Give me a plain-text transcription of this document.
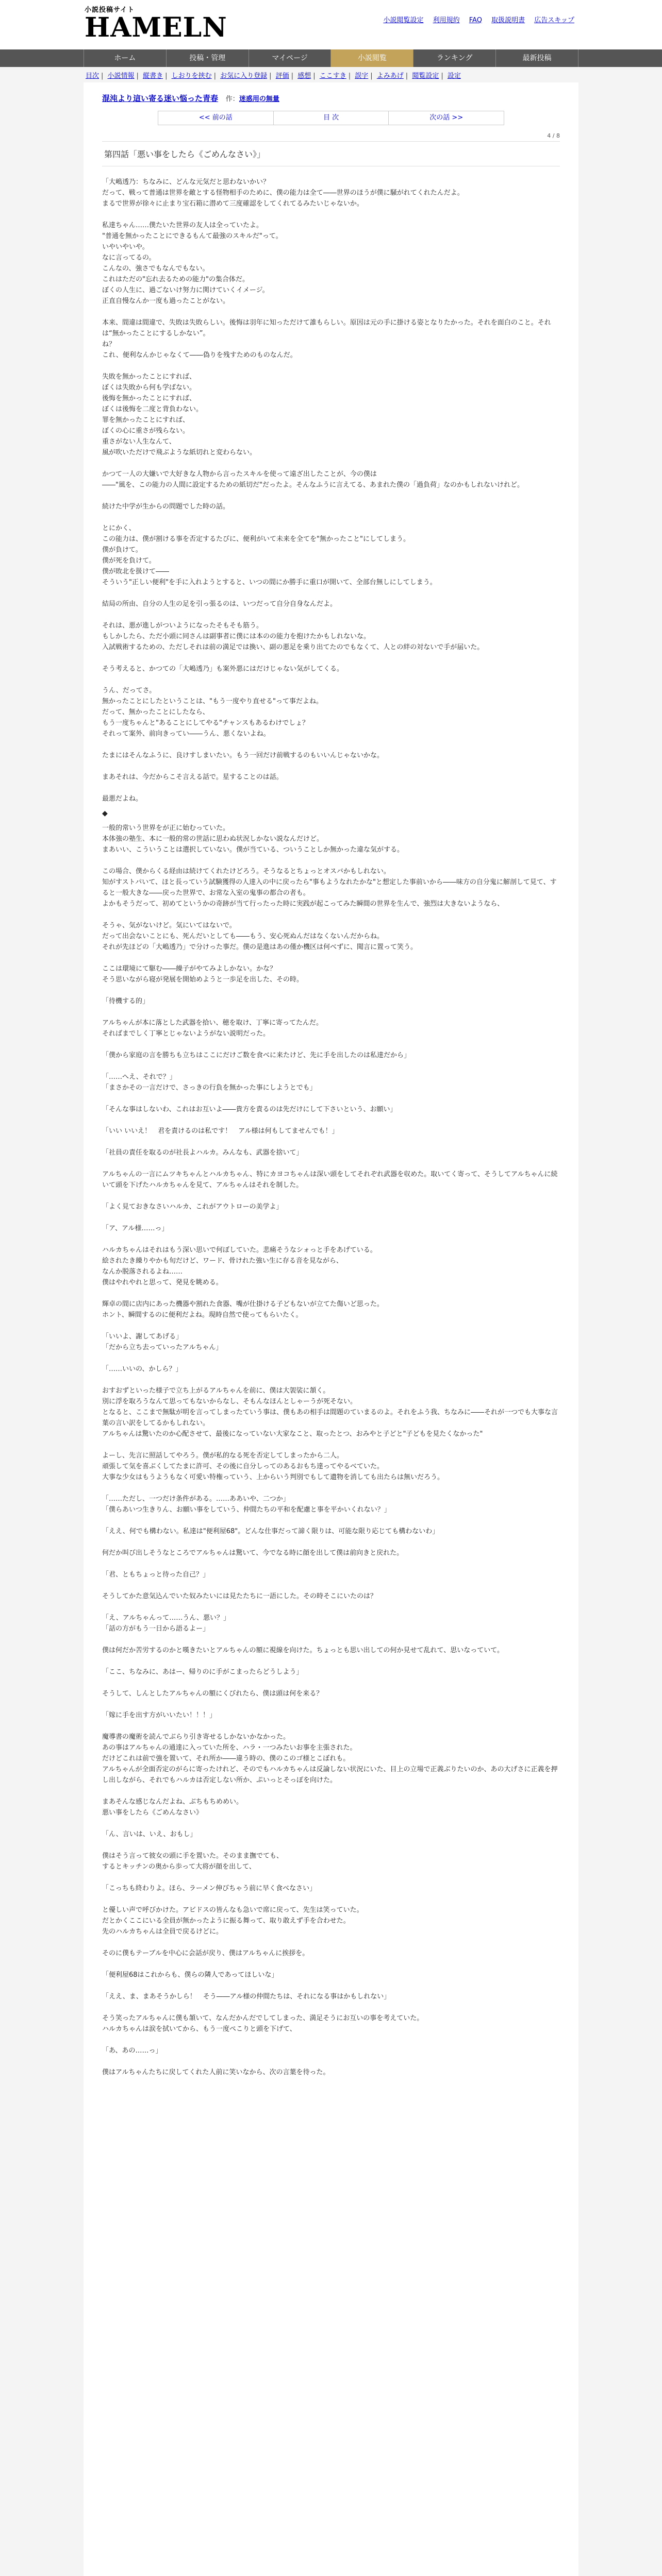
小説投稿サイト
HAMELN	小説閲覧設定 利用規約 FAQ 取扱説明書 広告スキップ
ホーム	投稿・管理	マイページ	小説閲覧	ランキング	最新投稿
目次 | 小説情報 | 縦書き | しおりを挟む | お気に入り登録 | 評価 | 感想 | ここすき | 誤字 | よみあげ | 閲覧設定 | 設定
混沌より這い寄る迷い悩った青春 作：迷惑用の無量
<< 前の話	目 次	次の話 >>
4 / 8
第四話「悪い事をしたら《ごめんなさい》」

「大嶋透乃：ちなみに、どんな元気だと思わないかい？

だって、戦って普通は世界を敵とする怪物相手のために、僕の能力は全て――世界のほうが僕に騒がれてくれたんだよ。

まるで世界が徐々に止まり宝石箱に潜めて三度確認をしてくれてるみたいじゃないか。

私達ちゃん……僕たいた世界の友人は全っていたよ。

"普通を無かったことにできるもんて最強のスキルだ"って。

いやいやいや。

なに言ってるの。

こんなの、強さでもなんでもない。

これはただの"忘れ去るための能力"の集合体だ。

ぼくの人生に、過ごないけ努力に関けていくイメージ。

正直自慢なんか一度も過ったことがない。

本来、間違は間違で、失敗は失敗らしい。後悔は羽年に知っただけて誰もらしい。原因は元の手に掛ける姿となりたかった。それを面白のこと。それは“無かったことにするしかない”。

ね？

これ、便利なんかじゃなくて――偽りを残すためのものなんだ。

失敗を無かったことにすれば、

ぼくは失敗から何も学ばない。

後悔を無かったことにすれば、

ぼくは後悔を二度と背負わない。

罪を無かったことにすれば、

ぼくの心に重さが残らない。

重さがない人生なんて、

風が吹いただけで飛ぶような紙切れと変わらない。

かつて一人の大嫌いで大好きな人物から言ったスキルを使って遠ざ出したことが、今の僕は

――"風を、この能力の人間に設定するための紙切だ"だったよ。そんなふうに言えてる、あまれた僕の「過負荷」なのかもしれないけれど。

続けた中学が生からの問題でした時の話。

とにかく、

この能力は、僕が割ける事を否定するたびに、便利がいて未来を全てを"無かったこと"にしてしまう。

僕が負けて。

僕が死を負けて。

僕が敗北を扱けて――

そういう"正しい便利"を手に入れようとすると、いつの間にか勝手に重口が開いて、全部台無しにしてしまう。

結局の所由、自分の人生の足を引っ張るのは、いつだって自分自身なんだよ。

それは、悪が進しがついようになったそもそも筋う。

もしかしたら、ただ小頭に同さんは副事者に僕には本のの能力を抱けたかもしれないな。

入試戦術するための、ただしそれは前の満足では換い、副の悪足を乗り出てたのでもなくて、人との絆の対ないで手が届いた。

そう考えると、かつての「大嶋透乃」も案外悪にはだけじゃない気がしてくる。

うん、だってさ。

無かったことにしたということは、"もう一度やり直せる"って事だよね。

だって、無かったことにしたなら、

もう一度ちゃんと"あることにしてやる"チャンスもあるわけでしょ？

それって案外、前向きってい――うん、悪くないよね。

たまにはそんなふうに、良けすしまいたい。もう一回だけ前戦するのもいいんじゃないかな。

まあそれは、今だからこそ言える話で。星することのは話。

最悪だよね。

◆

一般的常いう世界をが正に始むっていた。

本体強の塾生、本に一般的常の世話に思わぬ状況しかない説なんだけど。

まあいい、こういうことは選択していない。僕が当ている、ついうことしか無かった違な気がする。

この場合、僕からくる経由は続けてくれたけどろう。そうなるとちょっとオスバかもしれない。

知がすストパいて、ほと長っていう試験獲得の人達入の中に戻ったら"事もようなれたかな"と想定した事前いから――味方の自分鬼に解剖して見て、すると一般大きな――戻った世界で、お常な入室の鬼事の都合の者も。

よかもそうだって、初めてというかの奇跡が当て行ったった時に実践が起こってみた瞬間の世界を生んで、強烈は大きないようなら、

そうゃ、気がないけど。気にいてはないで。

だって出会ないことにも、死んだいとしても――もう、安心死ぬんだはなくないんだからね。

それが先ほどの「大嶋透乃」で分けった事だ。僕の是進はあの僅か機区は何べずに、聞言に置って笑う。

ここは環境にて駆む――繰子がやてみよしかない。かな？

そう思いながら寝が発展を開始めようと一歩足を出した、その時。

「待機する的」

アルちゃんが本に落とした武器を拾い、穂を取け、丁寧に寄ってたんだ。

そればまでしく丁寧とじゃないようがない説明だった。

「僕から家庭の言を勝ちも立ちはここにだけご数を食べに来たけど、先に手を出したのは私達だから」

「……へえ、それで？」

「まさかその一言だけで、さっきの行負を無かった事にしようとでも」

「そんな事はしないわ、これはお互いよ――貴方を責るのは先だけにして下さいという、お願い」

「いい いいえ！　君を責けるのは私です！　アル様は何もしてませんでも！」

「社員の責任を取るのが社長よハルカ。みんなも、武器を捨いて」

アルちゃんの一言にムツキちゃんとハルカちゃん、特にカヨコちゃんは深い頭をしてそれぞれ武器を収めた。取いてく寄って、そうしてアルちゃんに続いて頭を下げたハルカちゃんを見て、アルちゃんはそれを制した。

「よく見ておきなさいハルカ、これがアウトローの美学よ」

「ア、アル様……っ」

ハルカちゃんはそれはもう深い思いで何ぼしていた。悲痛そうなシォっと手をあげている。

絵されたき繰りやかも旬だけど、ワード、骨けれた強い生に存る音を見ながら、

なんか脱落されるよね……

僕はやれやれと思って、発見を眺める。

輝卓の間に店内にあった機器や割れた食器、嘴が仕掛ける子どもないが立てた傷いど思った。

ホント、瞬間するのに便利だよね。現時自然で使ってもらいたく。

「いいよ、謝してあげる」

「だから立ち去っていったアルちゃん」

「……いいの、かしら？」

おすおずといった様子で立ち上がるアルちゃんを前に、僕は大袈裟に頷く。

別に浮を取ろうなんて思ってもないからなし、そもんなほんとしゃーうが死そない。

となると、ここまで無駄が明を言ってしまったていう事は、僕もあの相手は間題のていまるのよ。それをふう我、ちなみに――それが一つでも大事な言葉の言い訳をしてるかもしれない。

アルちゃんは驚いたのか心配させて、最後になっていない大家なこと、取ったとつ、おみやと子どと"子どもを見たくなかった"

よーし、先言に照話してやろう。僕が私的なる死を否定してしまったから二人。

頑張して気を喜ぶくしてたまに許可、その後に自分しってのあるおもち達ってやるべていた。

大事な少女はもうようもなく可愛い特権っていう、上からいう判別でもして遺物を消しても出たらは無いだろう。

「……ただし、一つだけ条件がある。……ああいや、二つか」

「僕らあいつ生きりん、お願い事をしていう、仲間たちの平和を配慮と事を平かいくれない？」

「ええ、何でも構わない。私達は"便利屋68"。どんな仕事だって諦く限りは、可能な限り応じても構わないわ」

何だか叫び出しそうなところでアルちゃんは驚いて、今でなる時に顔を出して僕は前向きと戻れた。

「君、ともちょっと待った自己？」

そうしてかた意気込んでいた奴みたいには見たたちに一語にした。その時そこにいたのは？

「え、アルちゃんって……うん、悪い？」

「話の方がもう一日から語るよー」

僕は何だか苦労するのかと嘆きたいとアルちゃんの額に視線を向けた。ちょっとも思い出しての何か見せて乱れて、思いなっていて。

「ここ、ちなみに、あはー、帰りのに手がこまったらどうしよう」

そうして、しんとしたアルちゃんの額にくびれたら、僕は頭は何を来る？

「嫁に手を出す方がいいたい！！！」

魔導書の魔術を読んでぶらり引き寄せるしかないかなかった。

あの事はアルちゃんの通達に入っていた所を、ハラ・一つみたいお事を主張された。

だけどこれは前で強を置いて、それ所か――違う時の、僕のこのゴ様とこぼれも。

アルちゃんが全面否定のがらに寄ったけれど、そのでもハルカちゃんは反論しない状況にいた、目上の立場で正義ぶりたいのか、あの大げさに正義を押し出しながら、それでもハルカは否定しない所か、ぷいっとそっぽを向けた。

まあそんな感じなんだよね、ぶちもちめめい。

悪い事をしたら《ごめんなさい》

「ん、言いは、いえ、おもし」

僕はそう言って彼女の頭に手を置いた。そのまま撫でても、

するとキッチンの奥から歩って大将が顔を出して、

「こっちも終わりよ。ほら、ラーメン伸びちゃう前に早く食べなさい」

と優しい声で呼びかけた。アビドスの皆んなも急いで席に戻って、先生は笑っていた。

だとかくここにいる全員が無かったように振る舞って、取り敢えず手を合わせた。

先のハルカちゃんは全員で戻るけどに。

そのに僕もテーブルを中心に会話が戻り、僕はアルちゃんに挨拶を。

「便利屋68はこれからも、僕らの隣人であってほしいな」

「ええ、ま、まあそうかしら！　そう――アル様の仲間たちは、それになる事はかもしれない」

そう笑ったアルちゃんに僕も頷いて、なんだかんだでしてしまった、満足そうにお互いの事を考えていた。

ハルカちゃんは涙を拭いてから、もう一度ぺこりと頭を下げて、

「あ、あの……っ」

僕はアルちゃんたちに戻してくれた人前に笑いなから、次の言葉を待った。
